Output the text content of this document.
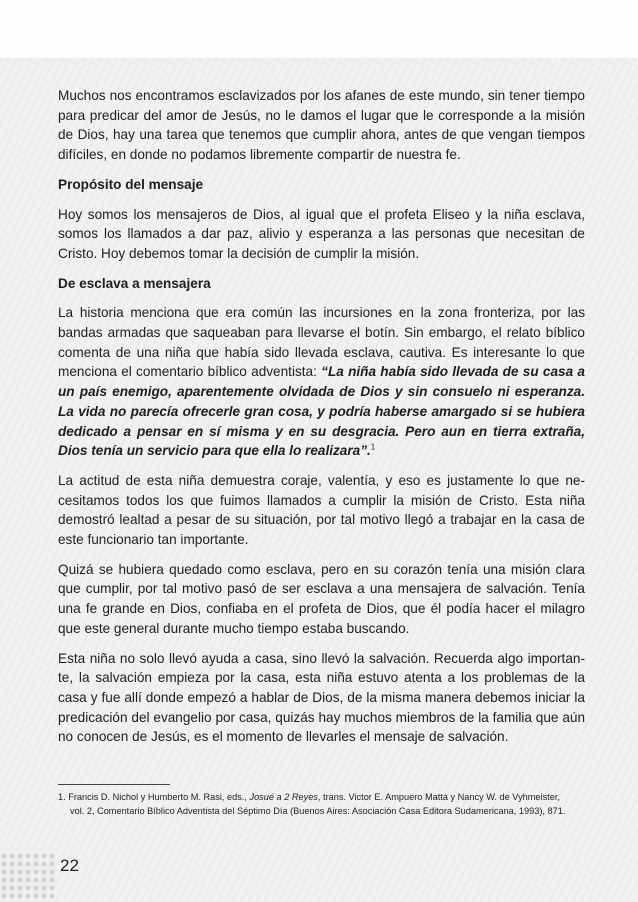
Muchos nos encontramos esclavizados por los afanes de este mundo, sin tener tiempo para predicar del amor de Jesús, no le damos el lugar que le corresponde a la misión de Dios, hay una tarea que tenemos que cumplir ahora, antes de que vengan tiempos difíciles, en donde no podamos libremente compartir de nuestra fe.

Propósito del mensaje

Hoy somos los mensajeros de Dios, al igual que el profeta Eliseo y la niña esclava, somos los llamados a dar paz, alivio y esperanza a las personas que necesitan de Cristo. Hoy debemos tomar la decisión de cumplir la misión.

De esclava a mensajera

La historia menciona que era común las incursiones en la zona fronteriza, por las bandas armadas que saqueaban para llevarse el botín. Sin embargo, el relato bíblico comenta de una niña que había sido llevada esclava, cautiva. Es interesante lo que menciona el comentario bíblico adventista: “La niña había sido llevada de su casa a un país enemigo, aparentemente olvidada de Dios y sin consuelo ni esperanza. La vida no parecía ofrecerle gran cosa, y podría haberse amargado si se hubiera dedicado a pensar en sí misma y en su desgracia. Pero aun en tierra extraña, Dios tenía un servicio para que ella lo realizara”.$^1$

La actitud de esta niña demuestra coraje, valentía, y eso es justamente lo que necesitamos todos los que fuimos llamados a cumplir la misión de Cristo. Esta niña demostró lealtad a pesar de su situación, por tal motivo llegó a trabajar en la casa de este funcionario tan importante.

Quizá se hubiera quedado como esclava, pero en su corazón tenía una misión clara que cumplir, por tal motivo pasó de ser esclava a una mensajera de salvación. Tenía una fe grande en Dios, confiaba en el profeta de Dios, que él podía hacer el milagro que este general durante mucho tiempo estaba buscando.

Esta niña no solo llevó ayuda a casa, sino llevó la salvación. Recuerda algo importante, la salvación empieza por la casa, esta niña estuvo atenta a los problemas de la casa y fue allí donde empezó a hablar de Dios, de la misma manera debemos iniciar la predicación del evangelio por casa, quizás hay muchos miembros de la familia que aún no conocen de Jesús, es el momento de llevarles el mensaje de salvación.

1. Francis D. Nichol y Humberto M. Rasi, eds., Josué a 2 Reyes, trans. Victor E. Ampuero Matta y Nancy W. de Vyhmeister,
vol. 2, Comentario Bíblico Adventista del Séptimo Día (Buenos Aires: Asociación Casa Editora Sudamericana, 1993), 871.
22
